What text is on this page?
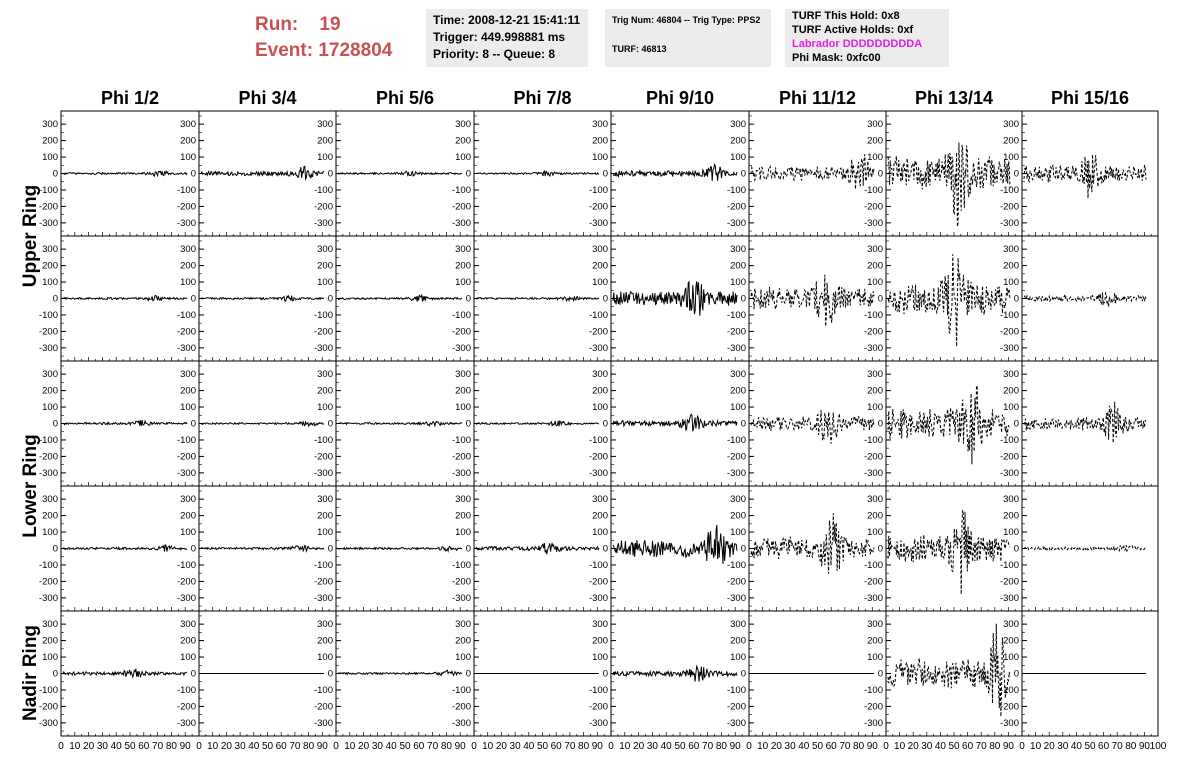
Run: 19
Event: 1728804
Time: 2008-12-21 15:41:11
Trigger: 449.998881 ms
Priority: 8 -- Queue: 8
Trig Num: 46804 -- Trig Type: PPS2
TURF: 46813
TURF This Hold: 0x8
TURF Active Holds: 0xf
Labrador DDDDDDDDDA
Phi Mask: 0xfc00
Phi 1/2	Phi 3/4	Phi 5/6	Phi 7/8	Phi 9/10	Phi 11/12	Phi 13/14	Phi 15/16
Upper Ring
Lower Ring
Nadir Ring
-300
-300
-200
-200
-100
-100
0
0
100
100
200
200
300
300
-300
-200
-100
0
100
200
300
-300
-200
-100
0
100
200
300
-300
-200
-100
0
100
200
300
-300
-200
-100
0
100
200
300
-300
-200
-100
0
100
200
300
-300
-200
-100
0
100
200
300
-300
-300
-200
-200
-100
-100
0
0
100
100
200
200
300
300
-300
-200
-100
0
100
200
300
-300
-200
-100
0
100
200
300
-300
-200
-100
0
100
200
300
-300
-200
-100
0
100
200
300
-300
-200
-100
0
100
200
300
-300
-200
-100
0
100
200
300
-300
-300
-200
-200
-100
-100
0
0
100
100
200
200
300
300
-300
-200
-100
0
100
200
300
-300
-200
-100
0
100
200
300
-300
-200
-100
0
100
200
300
-300
-200
-100
0
100
200
300
-300
-200
-100
0
100
200
300
-300
-200
-100
0
100
200
300
-300
-300
-200
-200
-100
-100
0
0
100
100
200
200
300
300
-300
-200
-100
0
100
200
300
-300
-200
-100
0
100
200
300
-300
-200
-100
0
100
200
300
-300
-200
-100
0
100
200
300
-300
-200
-100
0
100
200
300
-300
-200
-100
0
100
200
300
-300
-300
-200
-200
-100
-100
0
0
100
100
200
200
300
300
-300
-200
-100
0
100
200
300
-300
-200
-100
0
100
200
300
-300
-200
-100
0
100
200
300
-300
-200
-100
0
100
200
300
-300
-200
-100
0
100
200
300
-300
-200
-100
0
100
200
300
0 10 20 30 40 50 60 70 80 90 0 10 20 30 40 50 60 70 80 90 0 10 20 30 40 50 60 70 80 90 0 10 20 30 40 50 60 70 80 90 0 10 20 30 40 50 60 70 80 90 0 10 20 30 40 50 60 70 80 90 0 10 20 30 40 50 60 70 80 90 0 10 20 30 40 50 60 70 80 90 100
